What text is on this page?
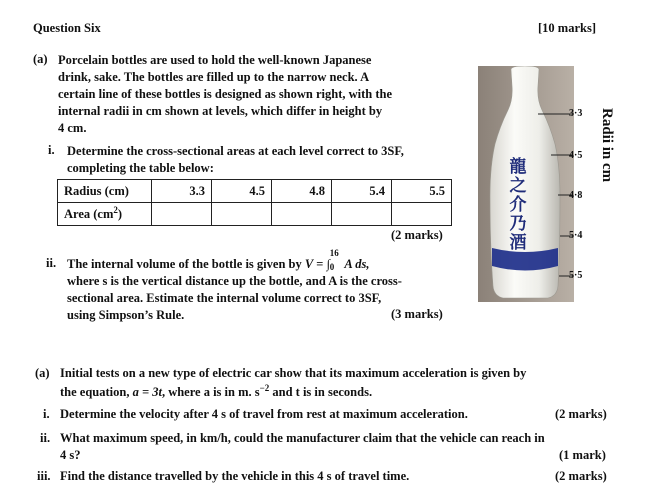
Question Six	[10 marks]
(a) Porcelain bottles are used to hold the well-known Japanese
drink, sake. The bottles are filled up to the narrow neck. A
certain line of these bottles is designed as shown right, with the
internal radii in cm shown at levels, which differ in height by
4 cm.
i. Determine the cross-sectional areas at each level correct to 3SF,
completing the table below:
Radius (cm)	3.3	4.5	4.8	5.4	5.5
Area $(cm^2)$					
(2 marks)
ii. The internal volume of the bottle is given by V = ∫
16
0 A ds,
where s is the vertical distance up the bottle, and A is the cross-
sectional area. Estimate the internal volume correct to 3SF,
using Simpson’s Rule.	(3 marks)
龍
之
介
乃
酒
3·3
4·5
4·8
5·4
5·5
Radii in cm
(a) Initial tests on a new type of electric car show that its maximum acceleration is given by
the equation, a = 3t, where a is in m. $s^{-2}$ and t is in seconds.
i. Determine the velocity after 4 s of travel from rest at maximum acceleration.	(2 marks)
ii. What maximum speed, in km/h, could the manufacturer claim that the vehicle can reach in
4 s?	(1 mark)
iii. Find the distance travelled by the vehicle in this 4 s of travel time.	(2 marks)
